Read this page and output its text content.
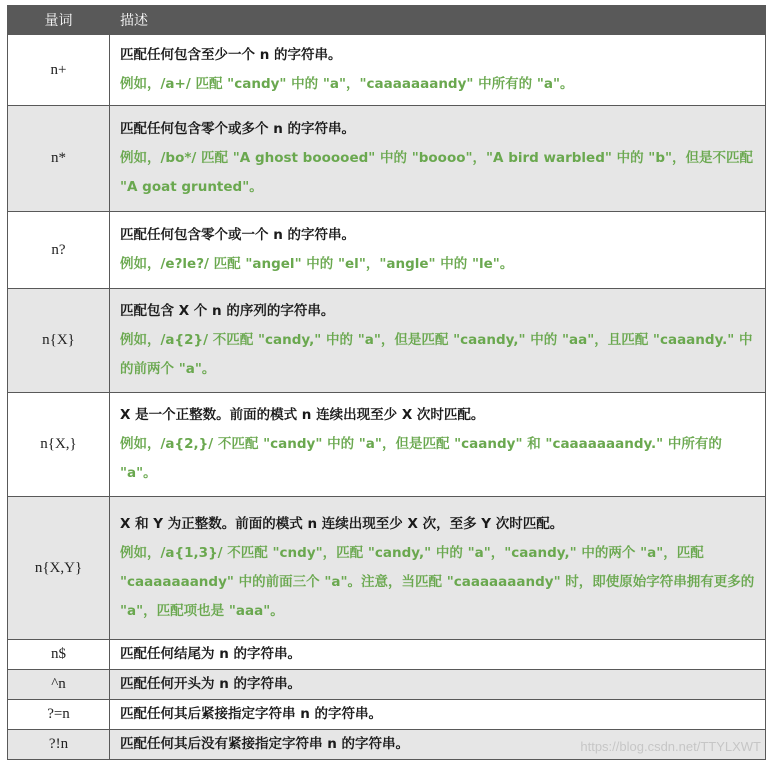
量词	描述
n+	匹配任何包含至少一个 n 的字符串。
例如，/a+/ 匹配 "candy" 中的 "a"，"caaaaaaandy" 中所有的 "a"。

n*	匹配任何包含零个或多个 n 的字符串。
例如，/bo*/ 匹配 "A ghost booooed" 中的 "boooo"，"A bird warbled" 中的 "b"，但是不匹配 "A goat grunted"。

n?	匹配任何包含零个或一个 n 的字符串。
例如，/e?le?/ 匹配 "angel" 中的 "el"，"angle" 中的 "le"。

n{X}	匹配包含 X 个 n 的序列的字符串。
例如，/a{2}/ 不匹配 "candy," 中的 "a"，但是匹配 "caandy," 中的 "aa"，且匹配 "caaandy." 中的前两个 "a"。

n{X,}	X 是一个正整数。前面的模式 n 连续出现至少 X 次时匹配。
例如，/a{2,}/ 不匹配 "candy" 中的 "a"，但是匹配 "caandy" 和 "caaaaaaandy." 中所有的 "a"。

n{X,Y}	X 和 Y 为正整数。前面的模式 n 连续出现至少 X 次，至多 Y 次时匹配。
例如，/a{1,3}/ 不匹配 "cndy"，匹配 "candy," 中的 "a"，"caandy," 中的两个 "a"，匹配 "caaaaaaandy" 中的前面三个 "a"。注意，当匹配 "caaaaaaandy" 时，即使原始字符串拥有更多的 "a"，匹配项也是 "aaa"。

n$	匹配任何结尾为 n 的字符串。

^n	匹配任何开头为 n 的字符串。

?=n	匹配任何其后紧接指定字符串 n 的字符串。

?!n	匹配任何其后没有紧接指定字符串 n 的字符串。	https://blog.csdn.net/TTYLXWT
